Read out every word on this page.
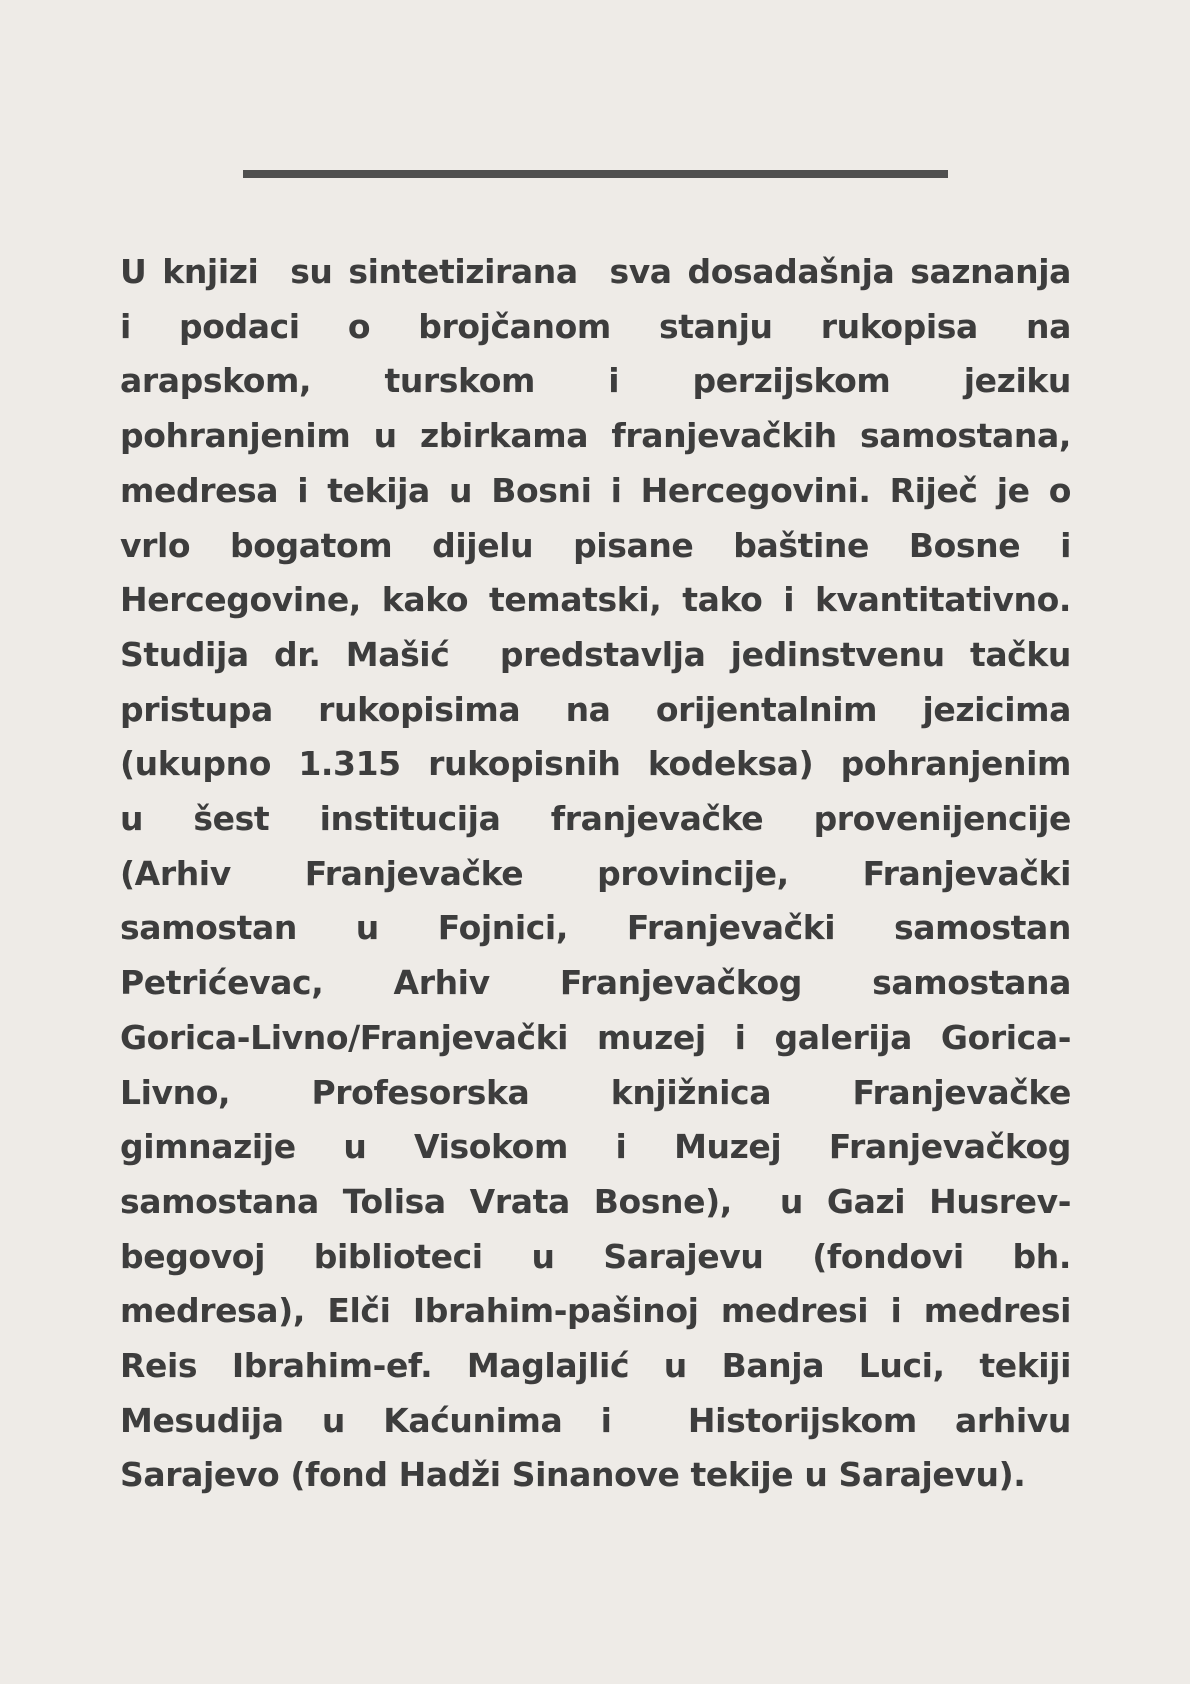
U knjizi  su sintetizirana  sva dosadašnja saznanja
i podaci o brojčanom stanju rukopisa na
arapskom, turskom i perzijskom jeziku
pohranjenim u zbirkama franjevačkih samostana,
medresa i tekija u Bosni i Hercegovini. Riječ je o
vrlo bogatom dijelu pisane baštine Bosne i
Hercegovine, kako tematski, tako i kvantitativno.
Studija dr. Mašić  predstavlja jedinstvenu tačku
pristupa rukopisima na orijentalnim jezicima
(ukupno 1.315 rukopisnih kodeksa) pohranjenim
u šest institucija franjevačke provenijencije
(Arhiv Franjevačke provincije, Franjevački
samostan u Fojnici, Franjevački samostan
Petrićevac, Arhiv Franjevačkog samostana
Gorica-Livno/Franjevački muzej i galerija Gorica-
Livno, Profesorska knjižnica Franjevačke
gimnazije u Visokom i Muzej Franjevačkog
samostana Tolisa Vrata Bosne),  u Gazi Husrev-
begovoj biblioteci u Sarajevu (fondovi bh.
medresa), Elči Ibrahim-pašinoj medresi i medresi
Reis Ibrahim-ef. Maglajlić u Banja Luci, tekiji
Mesudija u Kaćunima i  Historijskom arhivu
Sarajevo (fond Hadži Sinanove tekije u Sarajevu).
